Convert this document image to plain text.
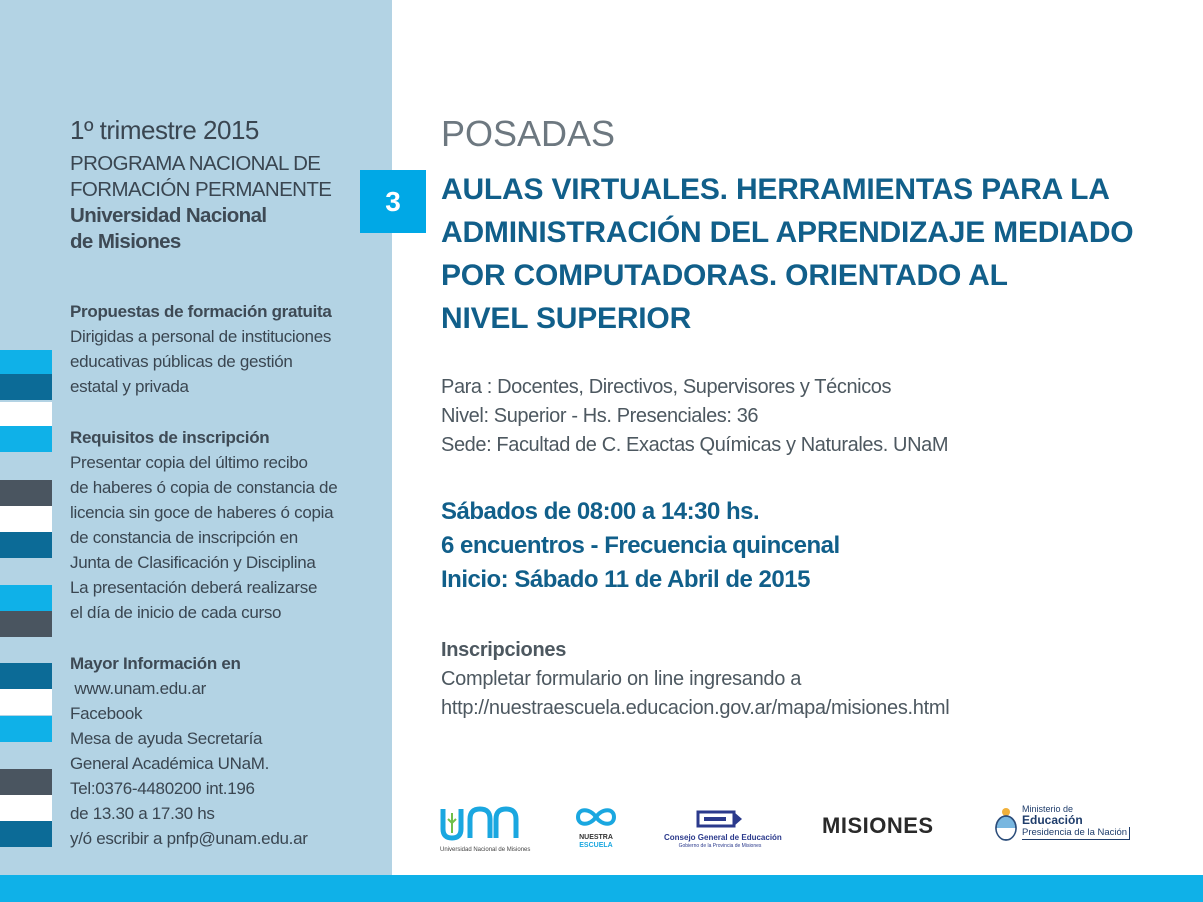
1º trimestre 2015
PROGRAMA NACIONAL DE
FORMACIÓN PERMANENTE
Universidad Nacional
de Misiones
Propuestas de formación gratuita
Dirigidas a personal de instituciones
educativas públicas de gestión
estatal y privada
Requisitos de inscripción
Presentar copia del último recibo
de haberes ó copia de constancia de
licencia sin goce de haberes ó copia
de constancia de inscripción en
Junta de Clasificación y Disciplina
La presentación deberá realizarse
el día de inicio de cada curso
Mayor Información en
www.unam.edu.ar
Facebook
Mesa de ayuda Secretaría
General Académica UNaM.
Tel:0376-4480200 int.196
de 13.30 a 17.30 hs
y/ó escribir a pnfp@unam.edu.ar
3
POSADAS
AULAS VIRTUALES. HERRAMIENTAS PARA LA
ADMINISTRACIÓN DEL APRENDIZAJE MEDIADO
POR COMPUTADORAS. ORIENTADO AL
NIVEL SUPERIOR
Para : Docentes, Directivos, Supervisores y Técnicos
Nivel: Superior - Hs. Presenciales: 36
Sede: Facultad de C. Exactas Químicas y Naturales. UNaM
Sábados de 08:00 a 14:30 hs.
6 encuentros - Frecuencia quincenal
Inicio: Sábado 11 de Abril de 2015
Inscripciones
Completar formulario on line ingresando a
http://nuestraescuela.educacion.gov.ar/mapa/misiones.html
Universidad Nacional de Misiones
NUESTRA
ESCUELA
Consejo General de Educación
Gobierno de la Provincia de Misiones
MISIONES
Ministerio de
Educación
Presidencia de la Nación
